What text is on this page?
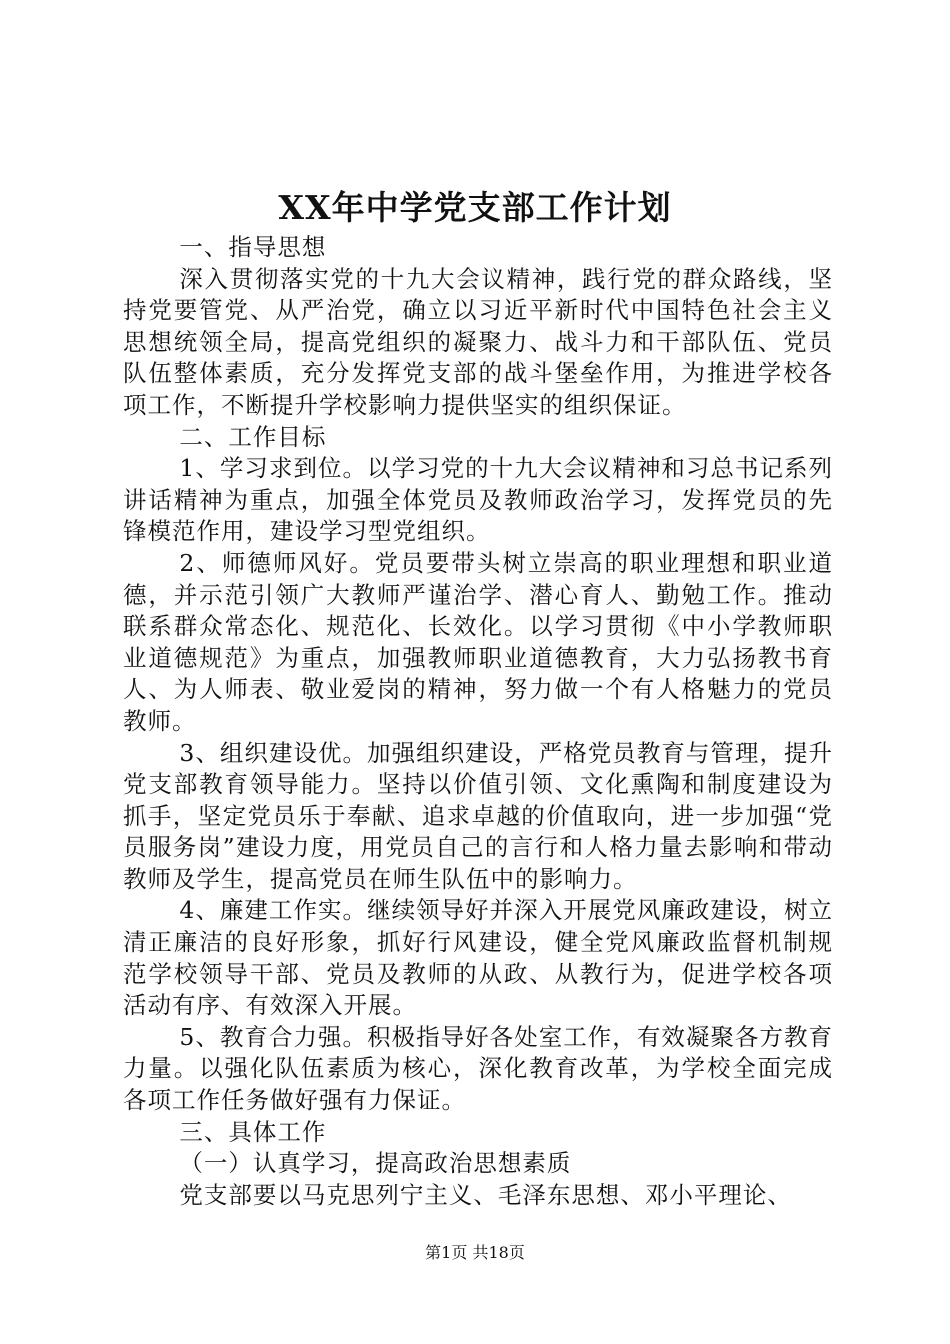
XX年中学党支部工作计划

一、指导思想

深入贯彻落实党的十九大会议精神，践行党的群众路线，坚持党要管党、从严治党，确立以习近平新时代中国特色社会主义思想统领全局，提高党组织的凝聚力、战斗力和干部队伍、党员队伍整体素质，充分发挥党支部的战斗堡垒作用，为推进学校各项工作，不断提升学校影响力提供坚实的组织保证。

二、工作目标

1、学习求到位。以学习党的十九大会议精神和习总书记系列讲话精神为重点，加强全体党员及教师政治学习，发挥党员的先锋模范作用，建设学习型党组织。

2、师德师风好。党员要带头树立崇高的职业理想和职业道德，并示范引领广大教师严谨治学、潜心育人、勤勉工作。推动联系群众常态化、规范化、长效化。以学习贯彻《中小学教师职业道德规范》为重点，加强教师职业道德教育，大力弘扬教书育人、为人师表、敬业爱岗的精神，努力做一个有人格魅力的党员教师。

3、组织建设优。加强组织建设，严格党员教育与管理，提升党支部教育领导能力。坚持以价值引领、文化熏陶和制度建设为抓手，坚定党员乐于奉献、追求卓越的价值取向，进一步加强“党员服务岗”建设力度，用党员自己的言行和人格力量去影响和带动教师及学生，提高党员在师生队伍中的影响力。

4、廉建工作实。继续领导好并深入开展党风廉政建设，树立清正廉洁的良好形象，抓好行风建设，健全党风廉政监督机制规范学校领导干部、党员及教师的从政、从教行为，促进学校各项活动有序、有效深入开展。

5、教育合力强。积极指导好各处室工作，有效凝聚各方教育力量。以强化队伍素质为核心，深化教育改革，为学校全面完成各项工作任务做好强有力保证。

三、具体工作

（一）认真学习，提高政治思想素质

党支部要以马克思列宁主义、毛泽东思想、邓小平理论、

第1页 共18页
